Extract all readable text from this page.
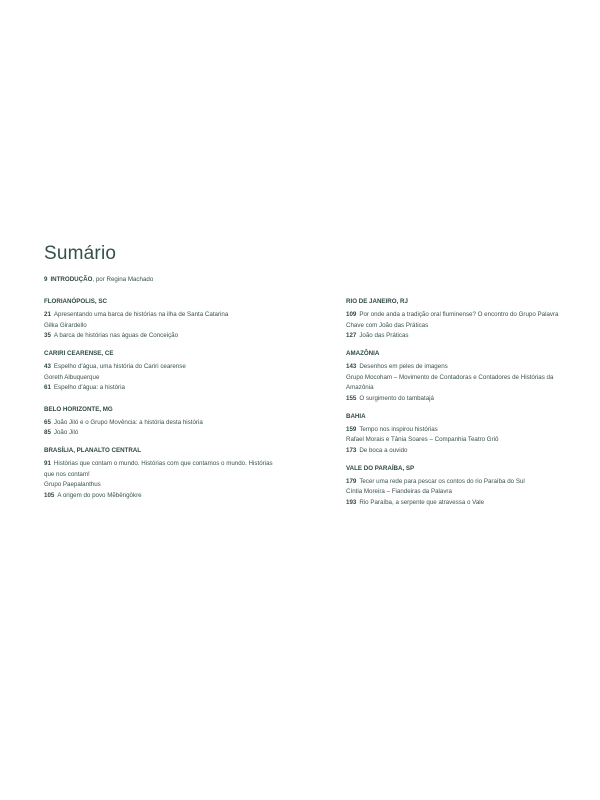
Sumário
9 INTRODUÇÃO, por Regina Machado
FLORIANÓPOLIS, SC
21 Apresentando uma barca de histórias na ilha de Santa Catarina
Gilka Girardello
35 A barca de histórias nas águas de Conceição
CARIRI CEARENSE, CE
43 Espelho d'água, uma história do Cariri cearense
Goreth Albuquerque
61 Espelho d'água: a história
BELO HORIZONTE, MG
65 João Jiló e o Grupo Movência: a história desta história
85 João Jiló
BRASÍLIA, PLANALTO CENTRAL
91 Histórias que contam o mundo. Histórias com que contamos o mundo. Histórias que nos contam!
Grupo Paepalanthus
105 A origem do povo Mẽbêngôkre
RIO DE JANEIRO, RJ
109 Por onde anda a tradição oral fluminense? O encontro do Grupo Palavra Chave com João das Práticas
127 João das Práticas
AMAZÔNIA
143 Desenhos em peles de imagens
Grupo Mocoham – Movimento de Contadoras e Contadores de Histórias da Amazônia
155 O surgimento do tambatajá
BAHIA
159 Tempo nos inspirou histórias
Rafael Morais e Tânia Soares – Companhia Teatro Griô
173 De boca a ouvido
VALE DO PARAÍBA, SP
179 Tecer uma rede para pescar os contos do rio Paraíba do Sul
Cíntia Moreira – Fiandeiras da Palavra
193 Rio Paraíba, a serpente que atravessa o Vale
